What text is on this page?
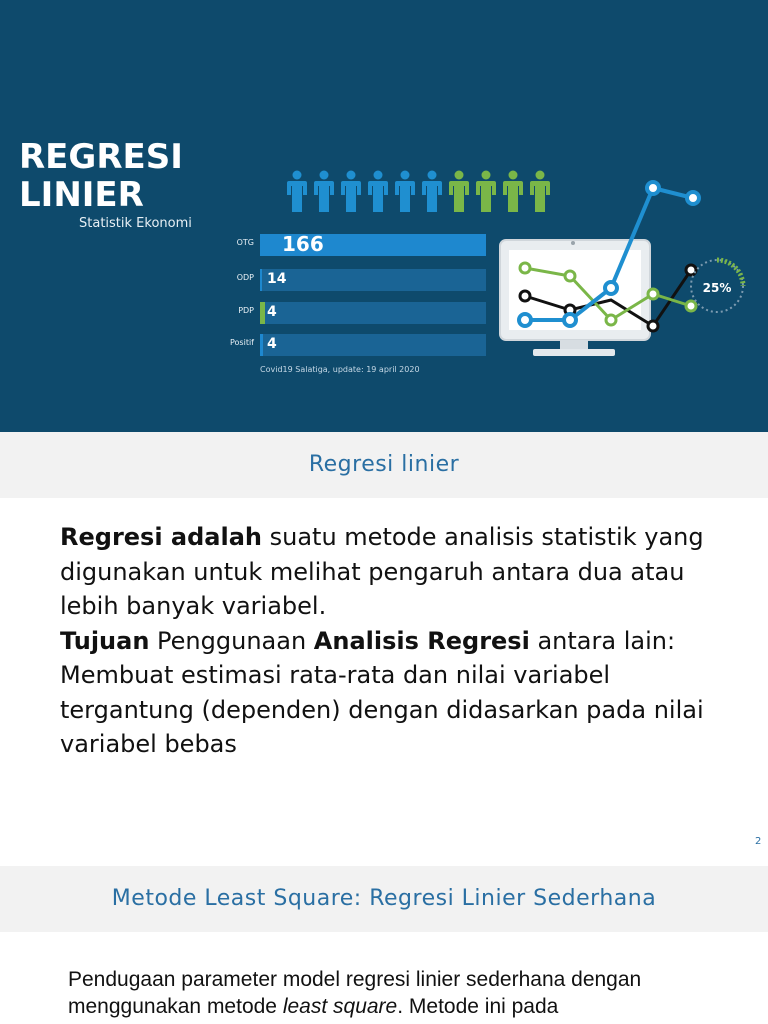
REGRESI
LINIER
Statistik Ekonomi
OTG 166
ODP 14
PDP 4
Positif 4
Covid19 Salatiga, update: 19 april 2020
25%
Regresi linier

Regresi adalah suatu metode analisis statistik yang digunakan untuk melihat pengaruh antara dua atau lebih banyak variabel.
Tujuan Penggunaan Analisis Regresi antara lain: Membuat estimasi rata-rata dan nilai variabel tergantung (dependen) dengan didasarkan pada nilai variabel bebas

2
Metode Least Square: Regresi Linier Sederhana

Pendugaan parameter model regresi linier sederhana dengan menggunakan metode least square. Metode ini pada
